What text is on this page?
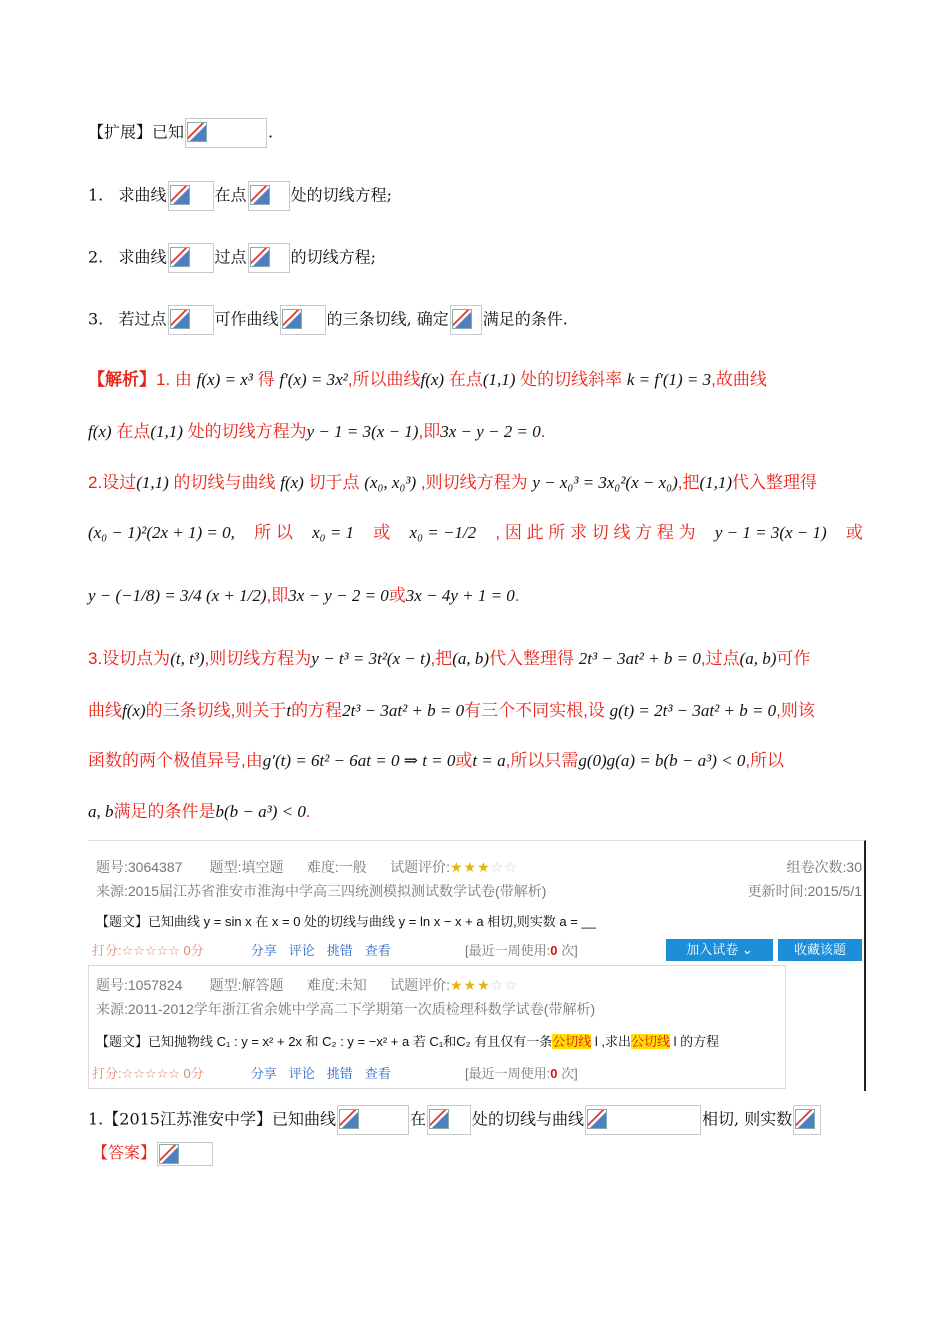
【扩展】已知	.
1. 求曲线	在点	处的切线方程;
2. 求曲线	过点	的切线方程;
3. 若过点	可作曲线	的三条切线, 确定 满足的条件.
【解析】1. 由 f(x) = x³ 得 f′(x) = 3x²,所以曲线f(x) 在点(1,1) 处的切线斜率 k = f′(1) = 3,故曲线
f(x) 在点(1,1) 处的切线方程为y − 1 = 3(x − 1),即3x − y − 2 = 0.
2.设过(1,1) 的切线与曲线 f(x) 切于点 (x₀, x₀³) ,则切线方程为 y − x₀³ = 3x₀²(x − x₀),把(1,1)代入整理得
(x₀ − 1)²(2x + 1) = 0, 所 以 x₀ = 1 或 x₀ = −1/2 , 因 此 所 求 切 线 方 程 为 y − 1 = 3(x − 1) 或
y − (−1/8) = 3/4 (x + 1/2),即3x − y − 2 = 0或3x − 4y + 1 = 0.
3.设切点为(t, t³),则切线方程为y − t³ = 3t²(x − t),把(a, b)代入整理得 2t³ − 3at² + b = 0,过点(a, b)可作
曲线f(x)的三条切线,则关于t的方程2t³ − 3at² + b = 0有三个不同实根,设 g(t) = 2t³ − 3at² + b = 0,则该
函数的两个极值异号,由g′(t) = 6t² − 6at = 0 ⇒ t = 0或t = a,所以只需g(0)g(a) = b(b − a³) < 0,所以
a, b满足的条件是b(b − a³) < 0.
题号:3064387 题型:填空题 难度:一般 试题评价:★★★☆☆	组卷次数:30
来源:2015届江苏省淮安市淮海中学高三四统测模拟测试数学试卷(带解析)	更新时间:2015/5/1
【题文】已知曲线 y = sin x 在 x = 0 处的切线与曲线 y = ln x − x + a 相切,则实数 a = __
打分:☆☆☆☆☆ 0分	分享 评论 挑错 查看	[最近一周使用:0 次]	加入试卷 ⌄	收藏该题
题号:1057824 题型:解答题 难度:未知 试题评价:★★★☆☆
来源:2011-2012学年浙江省余姚中学高二下学期第一次质检理科数学试卷(带解析)
【题文】已知抛物线 C₁ : y = x² + 2x 和 C₂ : y = −x² + a 若 C₁和C₂ 有且仅有一条公切线 l ,求出公切线 l 的方程
打分:☆☆☆☆☆ 0分	分享 评论 挑错 查看	[最近一周使用:0 次]
1.【2015江苏淮安中学】已知曲线	在	处的切线与曲线	相切, 则实数
【答案】
